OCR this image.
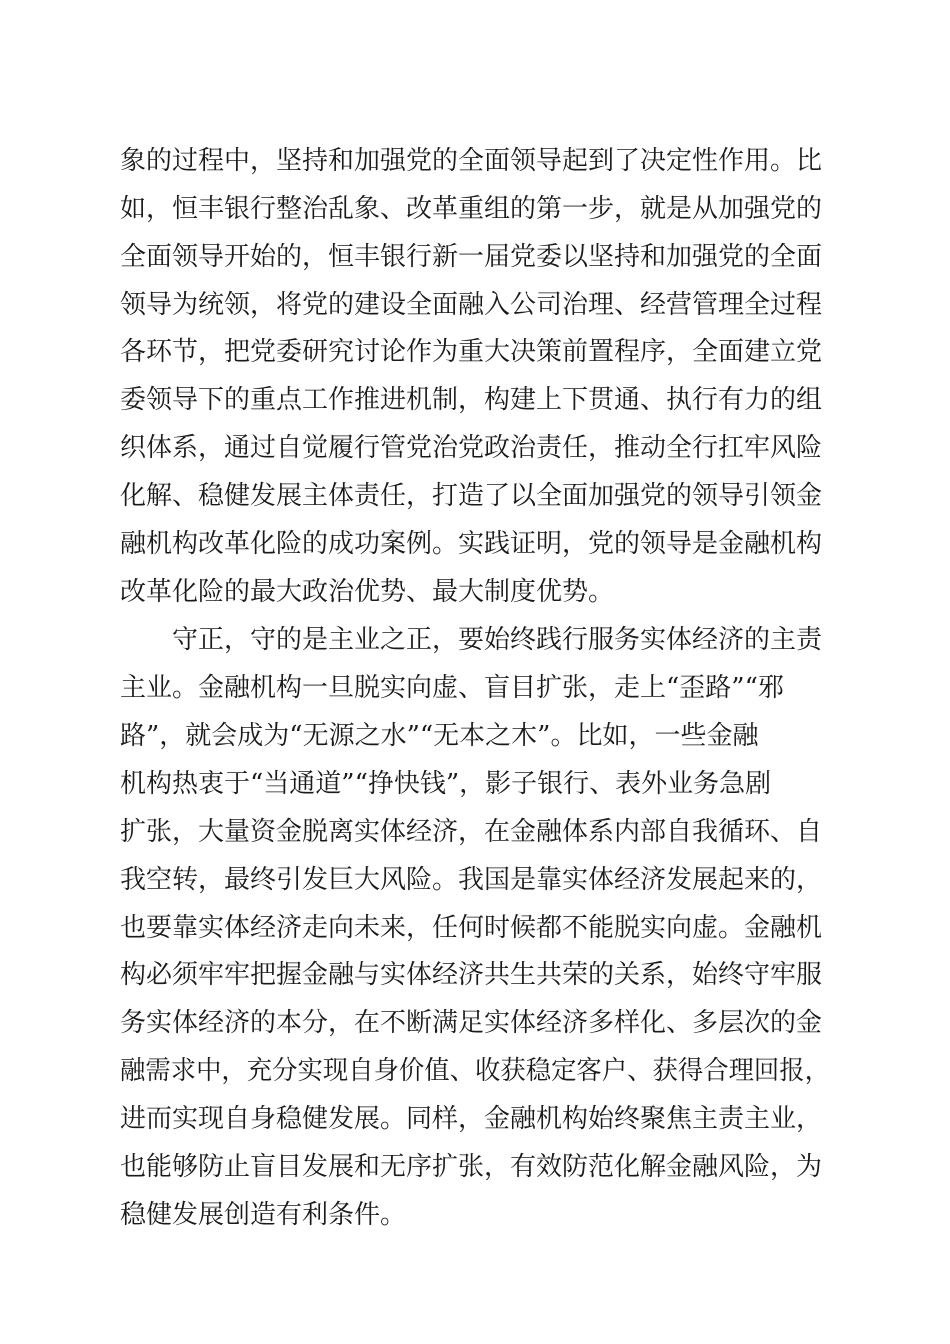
象的过程中，坚持和加强党的全面领导起到了决定性作用。比
如，恒丰银行整治乱象、改革重组的第一步，就是从加强党的
全面领导开始的，恒丰银行新一届党委以坚持和加强党的全面
领导为统领，将党的建设全面融入公司治理、经营管理全过程
各环节，把党委研究讨论作为重大决策前置程序，全面建立党
委领导下的重点工作推进机制，构建上下贯通、执行有力的组
织体系，通过自觉履行管党治党政治责任，推动全行扛牢风险
化解、稳健发展主体责任，打造了以全面加强党的领导引领金
融机构改革化险的成功案例。实践证明，党的领导是金融机构
改革化险的最大政治优势、最大制度优势。
守正，守的是主业之正，要始终践行服务实体经济的主责
主业。金融机构一旦脱实向虚、盲目扩张，走上“歪路”“邪
路”，就会成为“无源之水”“无本之木”。比如，一些金融
机构热衷于“当通道”“挣快钱”，影子银行、表外业务急剧
扩张，大量资金脱离实体经济，在金融体系内部自我循环、自
我空转，最终引发巨大风险。我国是靠实体经济发展起来的，
也要靠实体经济走向未来，任何时候都不能脱实向虚。金融机
构必须牢牢把握金融与实体经济共生共荣的关系，始终守牢服
务实体经济的本分，在不断满足实体经济多样化、多层次的金
融需求中，充分实现自身价值、收获稳定客户、获得合理回报，
进而实现自身稳健发展。同样，金融机构始终聚焦主责主业，
也能够防止盲目发展和无序扩张，有效防范化解金融风险，为
稳健发展创造有利条件。
